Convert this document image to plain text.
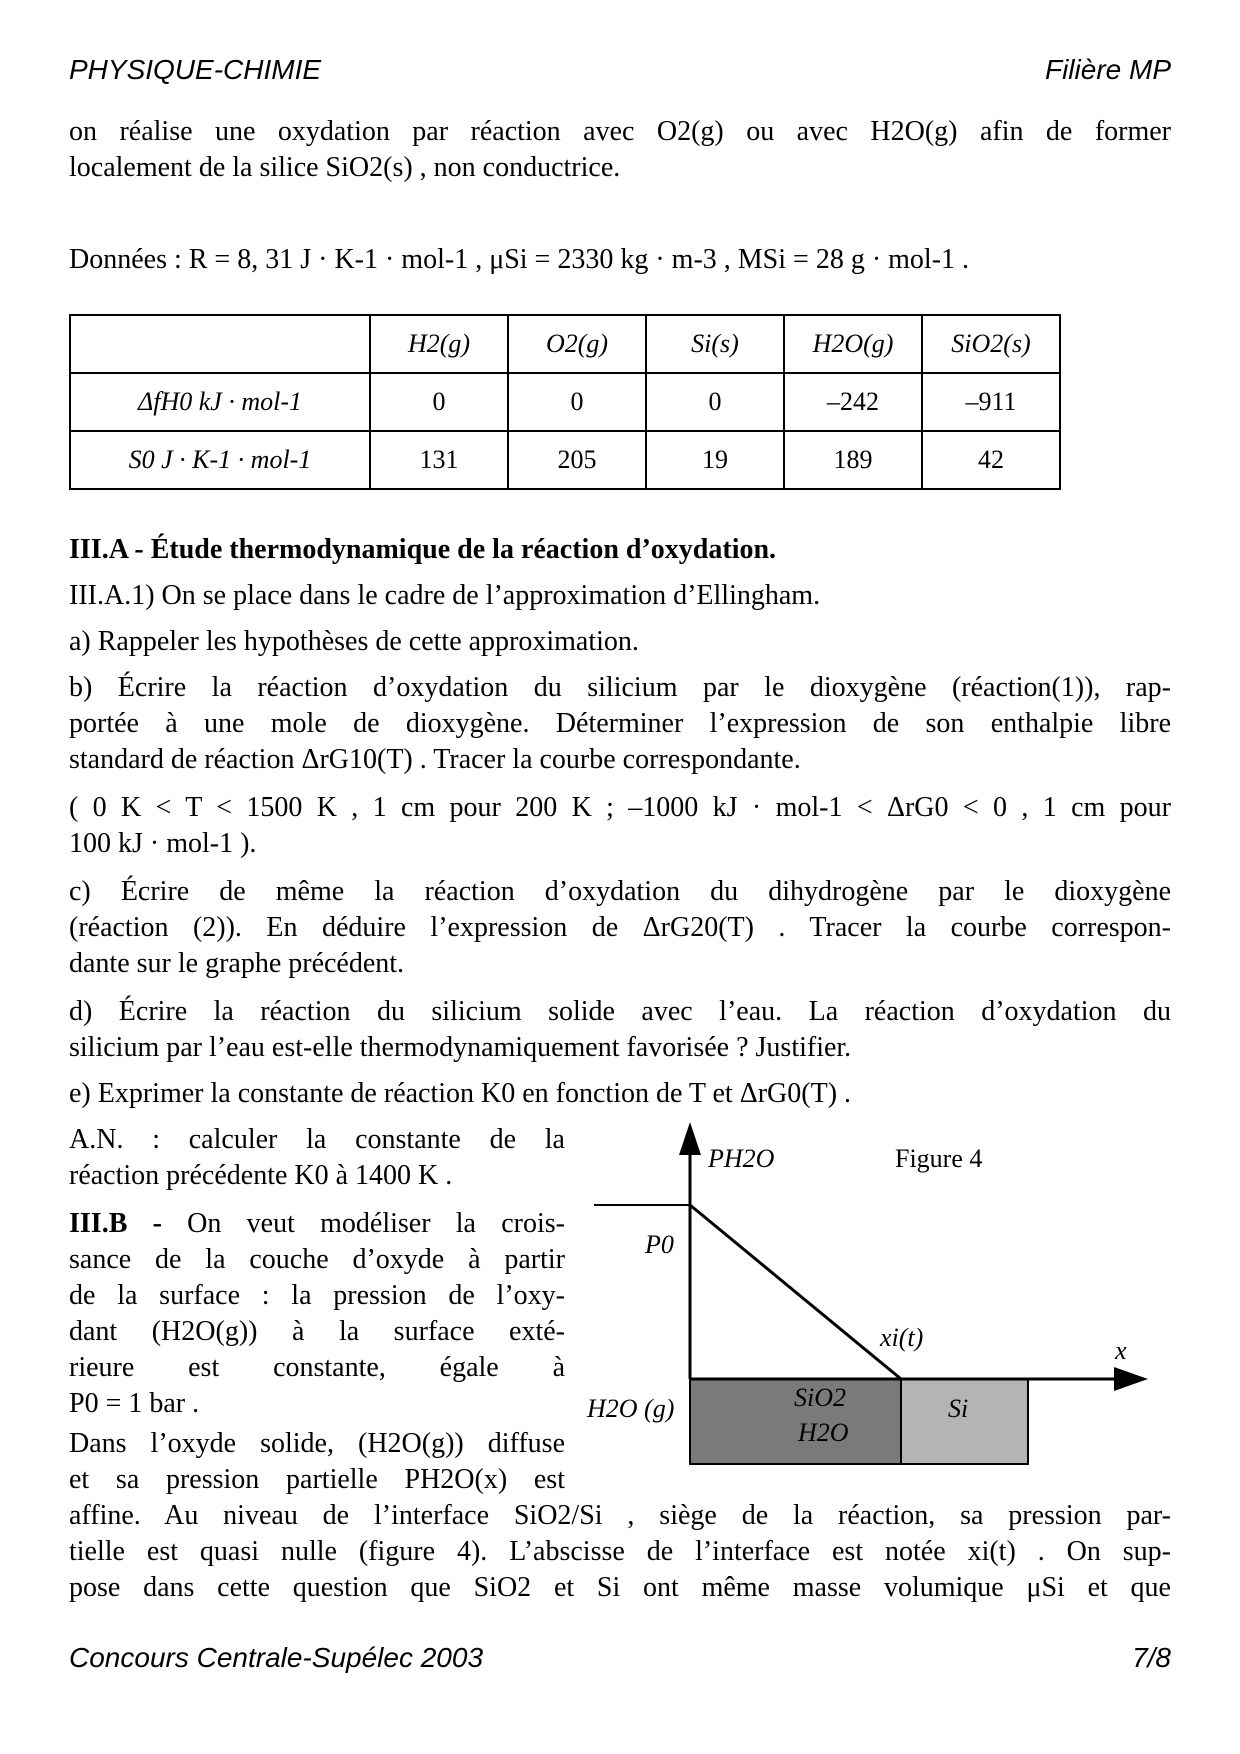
PHYSIQUE-CHIMIE	Filière MP
on réalise une oxydation par réaction avec O2(g) ou avec H2O(g) afin de former
localement de la silice SiO2(s) , non conductrice.
Données : R = 8, 31 J · K-1 · mol-1 , μSi = 2330 kg · m-3 , MSi = 28 g · mol-1 .
	H2(g)	O2(g)	Si(s)	H2O(g)	SiO2(s)
ΔfH0 kJ · mol-1	0	0	0	–242	–911
S0 J · K-1 · mol-1	131	205	19	189	42
III.A - Étude thermodynamique de la réaction d’oxydation.
III.A.1) On se place dans le cadre de l’approximation d’Ellingham.
a) Rappeler les hypothèses de cette approximation.
b) Écrire la réaction d’oxydation du silicium par le dioxygène (réaction(1)), rap-
portée à une mole de dioxygène. Déterminer l’expression de son enthalpie libre
standard de réaction ΔrG10(T) . Tracer la courbe correspondante.
( 0 K < T < 1500 K , 1 cm pour 200 K ; –1000 kJ · mol-1 < ΔrG0 < 0 , 1 cm pour
100 kJ · mol-1 ).
c) Écrire de même la réaction d’oxydation du dihydrogène par le dioxygène
(réaction (2)). En déduire l’expression de ΔrG20(T) . Tracer la courbe correspon-
dante sur le graphe précédent.
d) Écrire la réaction du silicium solide avec l’eau. La réaction d’oxydation du
silicium par l’eau est-elle thermodynamiquement favorisée ? Justifier.
e) Exprimer la constante de réaction K0 en fonction de T et ΔrG0(T) .
A.N. : calculer la constante de la
réaction précédente K0 à 1400 K .
III.B - On veut modéliser la crois-
sance de la couche d’oxyde à partir
de la surface : la pression de l’oxy-
dant (H2O(g)) à la surface exté-
rieure est constante, égale à
P0 = 1 bar .
Dans l’oxyde solide, (H2O(g)) diffuse
et sa pression partielle PH2O(x) est
Figure 4
PH2O
P0
xi(t)	x
H2O (g)	SiO2
H2O
Si
affine. Au niveau de l’interface SiO2/Si , siège de la réaction, sa pression par-
tielle est quasi nulle (figure 4). L’abscisse de l’interface est notée xi(t) . On sup-
pose dans cette question que SiO2 et Si ont même masse volumique μSi et que
Concours Centrale-Supélec 2003	7/8
